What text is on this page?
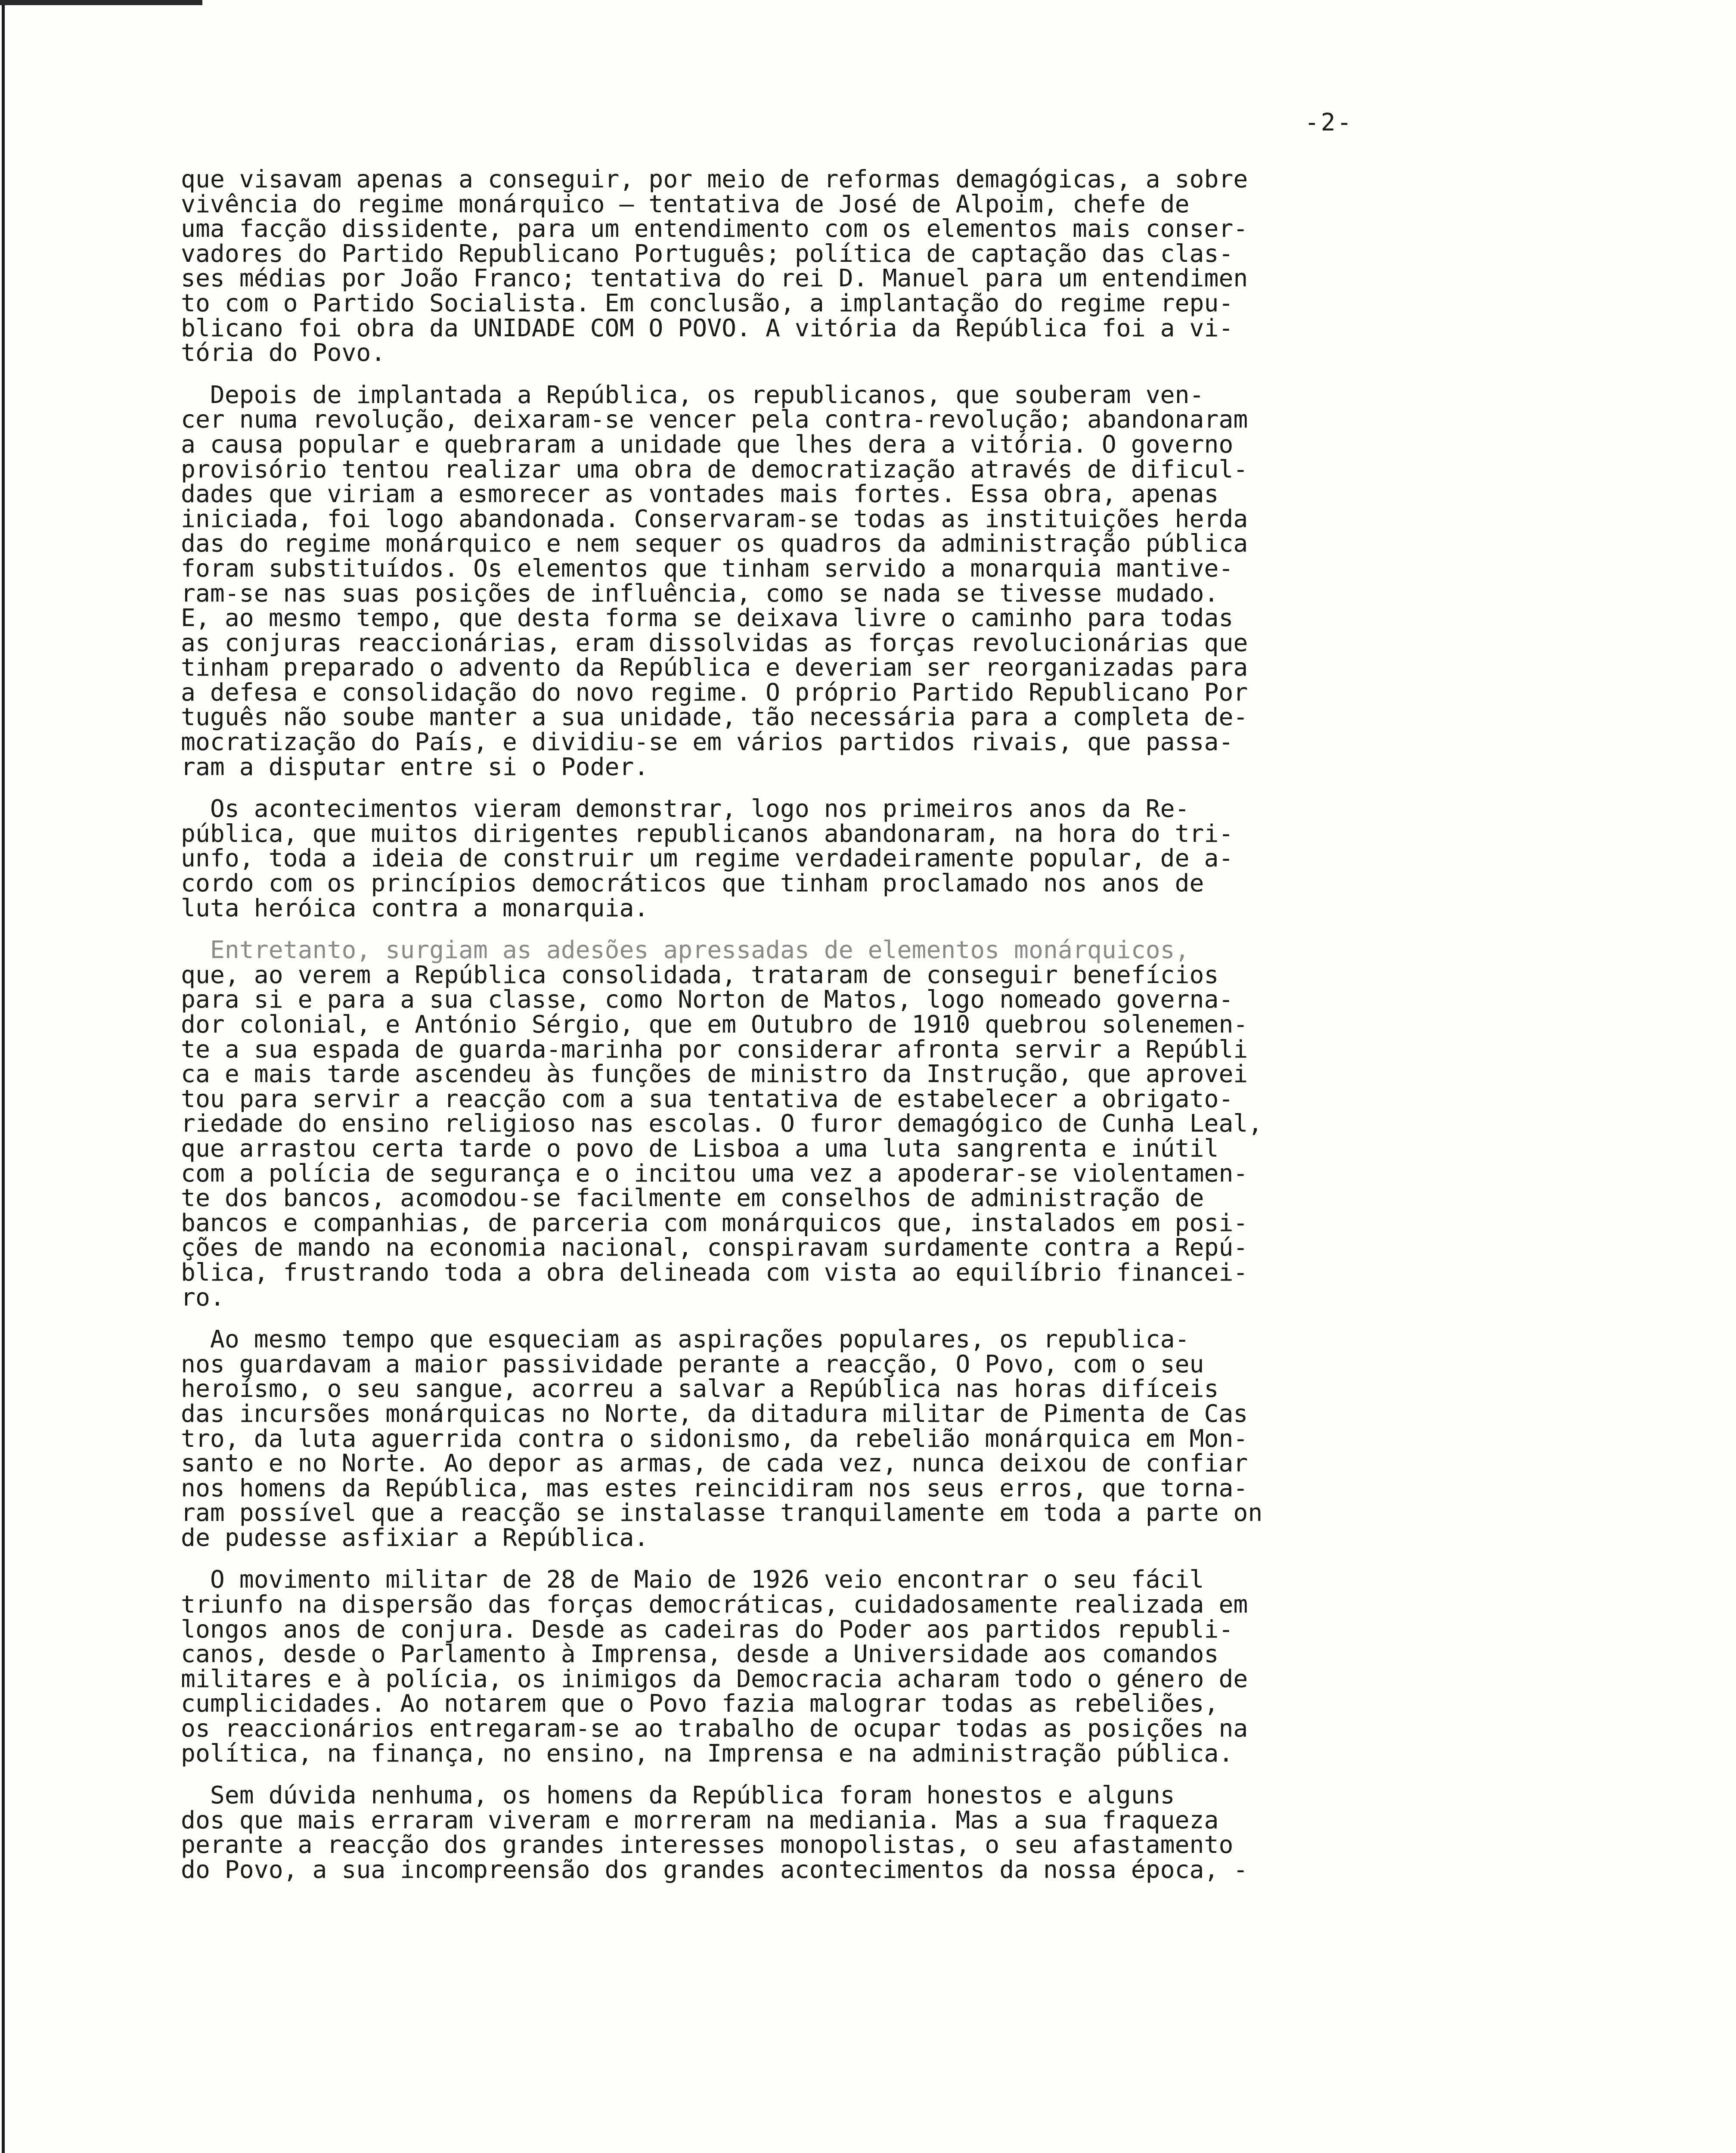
-2-
que visavam apenas a conseguir, por meio de reformas demagógicas, a sobre
vivência do regime monárquico — tentativa de José de Alpoim, chefe de
uma facção dissidente, para um entendimento com os elementos mais conser-
vadores do Partido Republicano Português; política de captação das clas-
ses médias por João Franco; tentativa do rei D. Manuel para um entendimen
to com o Partido Socialista. Em conclusão, a implantação do regime repu-
blicano foi obra da UNIDADE COM O POVO. A vitória da República foi a vi-
tória do Povo.
Depois de implantada a República, os republicanos, que souberam ven-
cer numa revolução, deixaram-se vencer pela contra-revolução; abandonaram
a causa popular e quebraram a unidade que lhes dera a vitória. O governo
provisório tentou realizar uma obra de democratização através de dificul-
dades que viriam a esmorecer as vontades mais fortes. Essa obra, apenas
iniciada, foi logo abandonada. Conservaram-se todas as instituições herda
das do regime monárquico e nem sequer os quadros da administração pública
foram substituídos. Os elementos que tinham servido a monarquia mantive-
ram-se nas suas posições de influência, como se nada se tivesse mudado.
E, ao mesmo tempo, que desta forma se deixava livre o caminho para todas
as conjuras reaccionárias, eram dissolvidas as forças revolucionárias que
tinham preparado o advento da República e deveriam ser reorganizadas para
a defesa e consolidação do novo regime. O próprio Partido Republicano Por
tuguês não soube manter a sua unidade, tão necessária para a completa de-
mocratização do País, e dividiu-se em vários partidos rivais, que passa-
ram a disputar entre si o Poder.
Os acontecimentos vieram demonstrar, logo nos primeiros anos da Re-
pública, que muitos dirigentes republicanos abandonaram, na hora do tri-
unfo, toda a ideia de construir um regime verdadeiramente popular, de a-
cordo com os princípios democráticos que tinham proclamado nos anos de
luta heróica contra a monarquia.
Entretanto, surgiam as adesões apressadas de elementos monárquicos,
que, ao verem a República consolidada, trataram de conseguir benefícios
para si e para a sua classe, como Norton de Matos, logo nomeado governa-
dor colonial, e António Sérgio, que em Outubro de 1910 quebrou solenemen-
te a sua espada de guarda-marinha por considerar afronta servir a Repúbli
ca e mais tarde ascendeu às funções de ministro da Instrução, que aprovei
tou para servir a reacção com a sua tentativa de estabelecer a obrigato-
riedade do ensino religioso nas escolas. O furor demagógico de Cunha Leal,
que arrastou certa tarde o povo de Lisboa a uma luta sangrenta e inútil
com a polícia de segurança e o incitou uma vez a apoderar-se violentamen-
te dos bancos, acomodou-se facilmente em conselhos de administração de
bancos e companhias, de parceria com monárquicos que, instalados em posi-
ções de mando na economia nacional, conspiravam surdamente contra a Repú-
blica, frustrando toda a obra delineada com vista ao equilíbrio financei-
ro.
Ao mesmo tempo que esqueciam as aspirações populares, os republica-
nos guardavam a maior passividade perante a reacção, O Povo, com o seu
heroísmo, o seu sangue, acorreu a salvar a República nas horas difíceis
das incursões monárquicas no Norte, da ditadura militar de Pimenta de Cas
tro, da luta aguerrida contra o sidonismo, da rebelião monárquica em Mon-
santo e no Norte. Ao depor as armas, de cada vez, nunca deixou de confiar
nos homens da República, mas estes reincidiram nos seus erros, que torna-
ram possível que a reacção se instalasse tranquilamente em toda a parte on
de pudesse asfixiar a República.
O movimento militar de 28 de Maio de 1926 veio encontrar o seu fácil
triunfo na dispersão das forças democráticas, cuidadosamente realizada em
longos anos de conjura. Desde as cadeiras do Poder aos partidos republi-
canos, desde o Parlamento à Imprensa, desde a Universidade aos comandos
militares e à polícia, os inimigos da Democracia acharam todo o género de
cumplicidades. Ao notarem que o Povo fazia malograr todas as rebeliões,
os reaccionários entregaram-se ao trabalho de ocupar todas as posições na
política, na finança, no ensino, na Imprensa e na administração pública.
Sem dúvida nenhuma, os homens da República foram honestos e alguns
dos que mais erraram viveram e morreram na mediania. Mas a sua fraqueza
perante a reacção dos grandes interesses monopolistas, o seu afastamento
do Povo, a sua incompreensão dos grandes acontecimentos da nossa época, -
